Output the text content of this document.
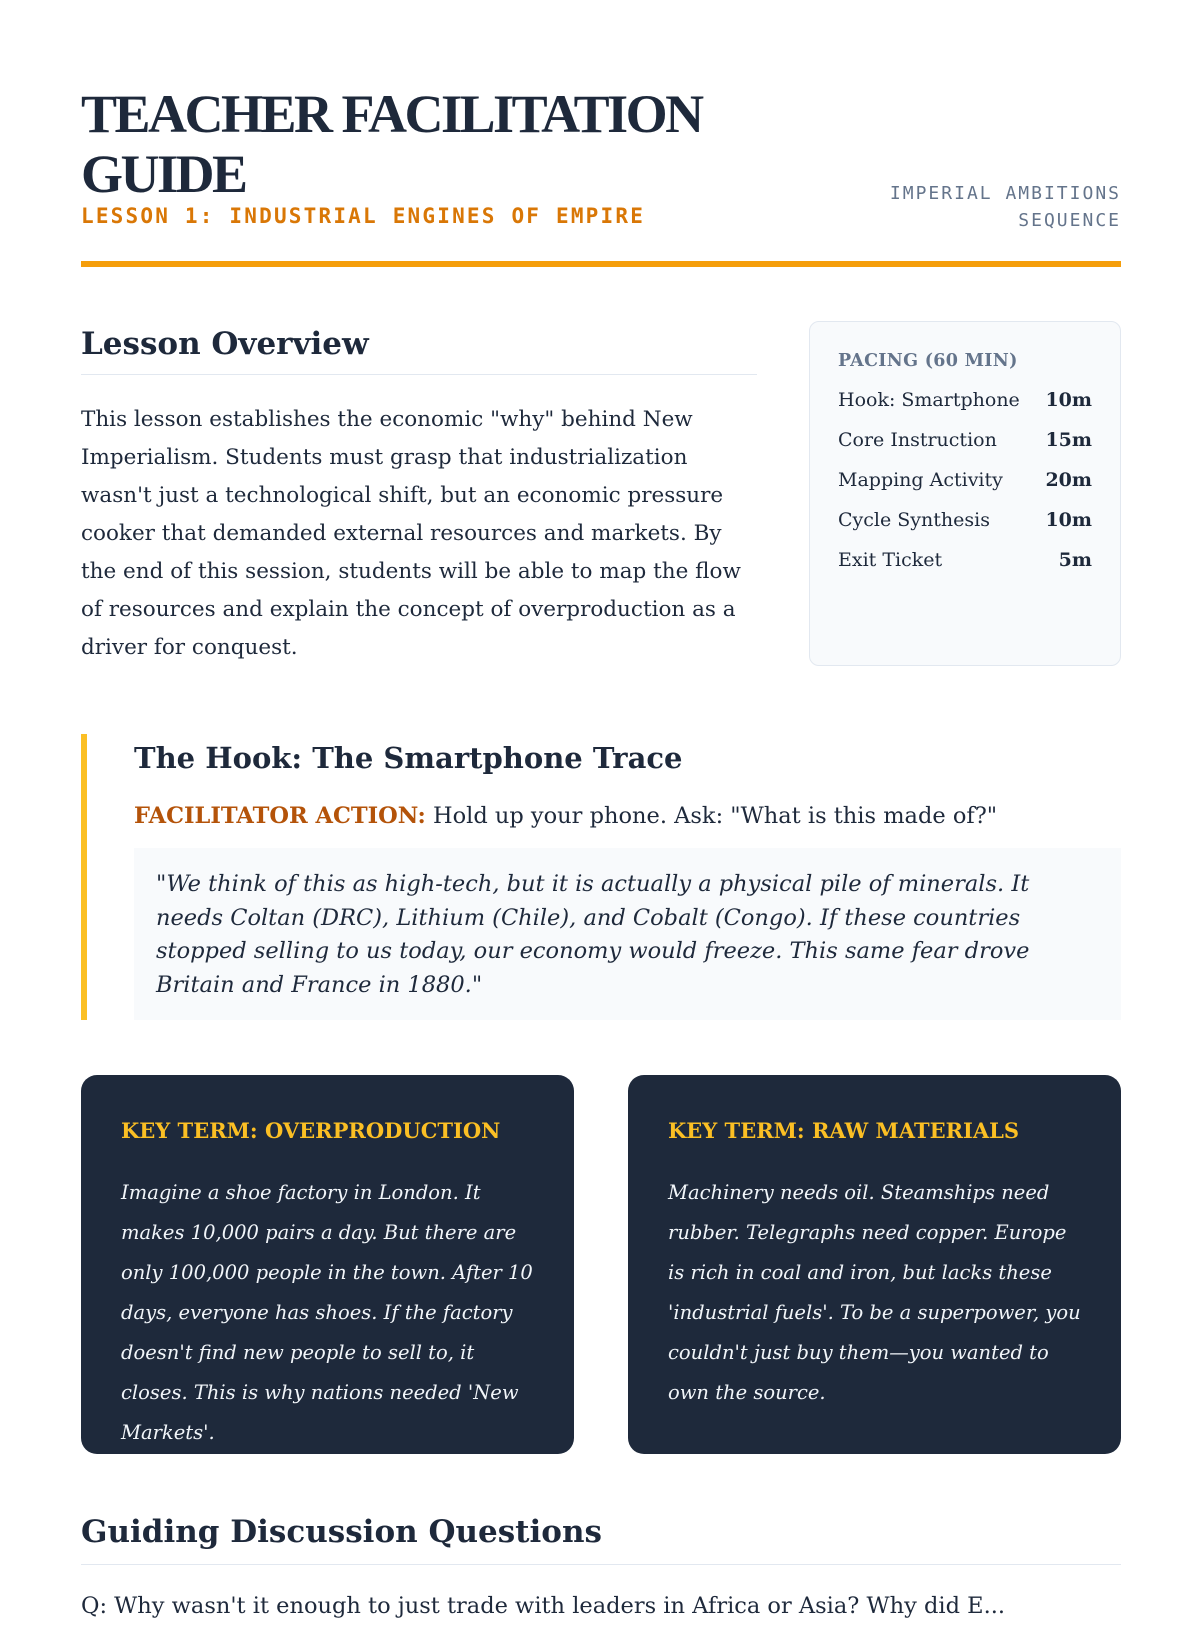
TEACHER FACILITATION GUIDE
LESSON 1: INDUSTRIAL ENGINES OF EMPIRE
IMPERIAL AMBITIONS
SEQUENCE
Lesson Overview

This lesson establishes the economic "why" behind New Imperialism. Students must grasp that industrialization wasn't just a technological shift, but an economic pressure cooker that demanded external resources and markets. By the end of this session, students will be able to map the flow of resources and explain the concept of overproduction as a driver for conquest.

PACING (60 MIN)
Hook: Smartphone 10m
Core Instruction	15m
Mapping Activity 20m
Cycle Synthesis	10m
Exit Ticket	5m
The Hook: The Smartphone Trace

FACILITATOR ACTION: Hold up your phone. Ask: "What is this made of?"

"We think of this as high-tech, but it is actually a physical pile of minerals. It needs Coltan (DRC), Lithium (Chile), and Cobalt (Congo). If these countries stopped selling to us today, our economy would freeze. This same fear drove Britain and France in 1880."
KEY TERM: OVERPRODUCTION

Imagine a shoe factory in London. It makes 10,000 pairs a day. But there are only 100,000 people in the town. After 10 days, everyone has shoes. If the factory doesn't find new people to sell to, it closes. This is why nations needed 'New Markets'.

KEY TERM: RAW MATERIALS

Machinery needs oil. Steamships need rubber. Telegraphs need copper. Europe is rich in coal and iron, but lacks these 'industrial fuels'. To be a superpower, you couldn't just buy them—you wanted to own the source.

Guiding Discussion Questions

Q: Why wasn't it enough to just trade with leaders in Africa or Asia? Why did E...
